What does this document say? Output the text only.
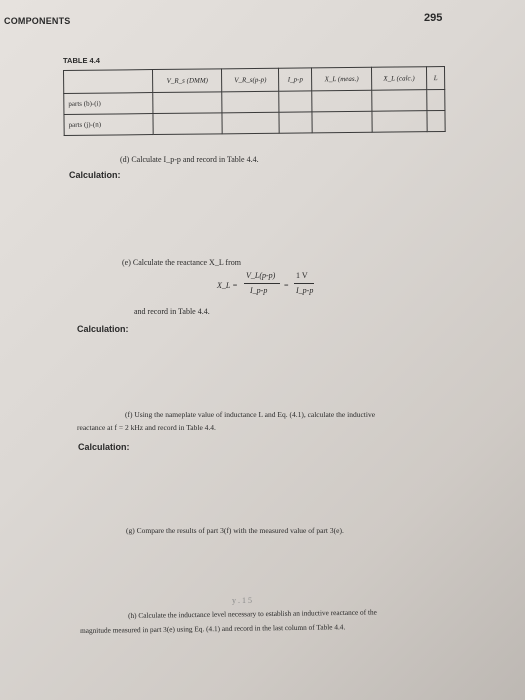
COMPONENTS	295
TABLE 4.4
	V_R_s (DMM)	V_R_s(p-p)	I_p-p	X_L (meas.)	X_L (calc.)	L
parts (b)-(i)						
parts (j)-(n)						
(d) Calculate I_p-p and record in Table 4.4.
Calculation:
(e) Calculate the reactance X_L from
X_L =
V_L(p-p)
I_p-p
=
1 V
I_p-p
and record in Table 4.4.
Calculation:
(f) Using the nameplate value of inductance L and Eq. (4.1), calculate the inductive
reactance at f = 2 kHz and record in Table 4.4.
Calculation:
(g) Compare the results of part 3(f) with the measured value of part 3(e).
y . 1 5
(h) Calculate the inductance level necessary to establish an inductive reactance of the
magnitude measured in part 3(e) using Eq. (4.1) and record in the last column of Table 4.4.
